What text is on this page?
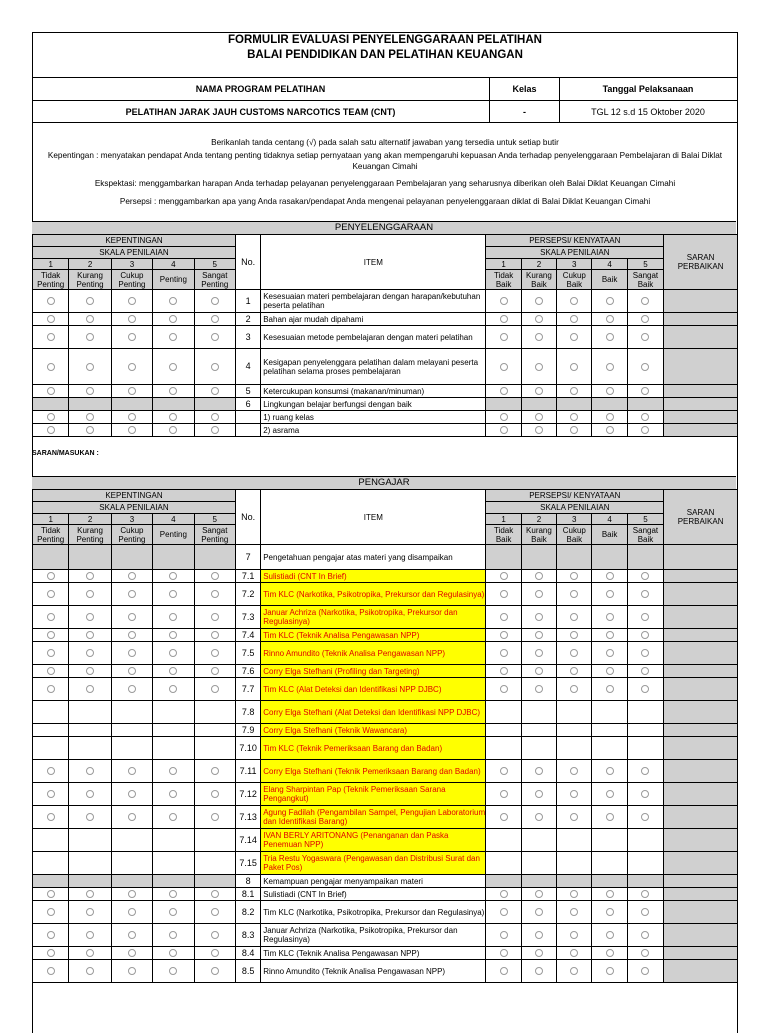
FORMULIR EVALUASI PENYELENGGARAAN PELATIHAN
BALAI PENDIDIKAN DAN PELATIHAN KEUANGAN
NAMA PROGRAM PELATIHAN	Kelas	Tanggal Pelaksanaan
PELATIHAN JARAK JAUH CUSTOMS NARCOTICS TEAM (CNT)	-	TGL 12 s.d 15 Oktober 2020
Berikanlah tanda centang (√) pada salah satu alternatif jawaban yang tersedia untuk setiap butir
Kepentingan : menyatakan pendapat Anda tentang penting tidaknya setiap pernyataan yang akan mempengaruhi kepuasan Anda terhadap penyelenggaraan Pembelajaran di Balai Diklat Keuangan Cimahi
Ekspektasi: menggambarkan harapan Anda terhadap pelayanan penyelenggaraan Pembelajaran yang seharusnya diberikan oleh Balai Diklat Keuangan Cimahi
Persepsi : menggambarkan apa yang Anda rasakan/pendapat Anda mengenai pelayanan penyelenggaraan diklat di Balai Diklat Keuangan Cimahi
PENYELENGGARAAN
KEPENTINGAN					No.	ITEM	PERSEPSI/ KENYATAAN					SARAN PERBAIKAN
SKALA PENILAIAN							SKALA PENILAIAN					
1	2	3	4	5			1	2	3	4	5	
Tidak Penting	Kurang Penting	Cukup Penting	Penting	Sangat Penting			Tidak Baik	Kurang Baik	Cukup Baik	Baik	Sangat Baik	
					1	Kesesuaian materi pembelajaran dengan harapan/kebutuhan peserta pelatihan						
					2	Bahan ajar mudah dipahami						
					3	Kesesuaian metode pembelajaran dengan materi pelatihan						
					4	Kesigapan penyelenggara pelatihan dalam melayani peserta pelatihan selama proses pembelajaran						
					5	Ketercukupan konsumsi (makanan/minuman)						
					6	Lingkungan belajar berfungsi dengan baik						
						1) ruang kelas						
						2) asrama						
SARAN/MASUKAN :
PENGAJAR
KEPENTINGAN					No.	ITEM	PERSEPSI/ KENYATAAN					SARAN PERBAIKAN
SKALA PENILAIAN							SKALA PENILAIAN					
1	2	3	4	5			1	2	3	4	5	
Tidak Penting	Kurang Penting	Cukup Penting	Penting	Sangat Penting			Tidak Baik	Kurang Baik	Cukup Baik	Baik	Sangat Baik	
					7	Pengetahuan pengajar atas materi yang disampaikan						
					7.1	Sulistiadi (CNT In Brief)						
					7.2	Tim KLC (Narkotika, Psikotropika, Prekursor dan Regulasinya)						
					7.3	Januar Achriza (Narkotika, Psikotropika, Prekursor dan Regulasinya)						
					7.4	Tim KLC (Teknik Analisa Pengawasan NPP)						
					7.5	Rinno Amundito (Teknik Analisa Pengawasan NPP)						
					7.6	Corry Elga Stefhani (Profiling dan Targeting)						
					7.7	Tim KLC (Alat Deteksi dan Identifikasi NPP DJBC)						
					7.8	Corry Elga Stefhani (Alat Deteksi dan Identifikasi NPP DJBC)						
					7.9	Corry Elga Stefhani (Teknik Wawancara)						
					7.10	Tim KLC (Teknik Pemeriksaan Barang dan Badan)						
					7.11	Corry Elga Stefhani (Teknik Pemeriksaan Barang dan Badan)						
					7.12	Elang Sharpintan Pap (Teknik Pemeriksaan Sarana Pengangkut)						
					7.13	Agung Fadilah (Pengambilan Sampel, Pengujian Laboratorium dan Identifikasi Barang)						
					7.14	IVAN BERLY ARITONANG (Penanganan dan Paska Penemuan NPP)						
					7.15	Tria Restu Yogaswara (Pengawasan dan Distribusi Surat dan Paket Pos)						
					8	Kemampuan pengajar menyampaikan materi						
					8.1	Sulistiadi (CNT In Brief)						
					8.2	Tim KLC (Narkotika, Psikotropika, Prekursor dan Regulasinya)						
					8.3	Januar Achriza (Narkotika, Psikotropika, Prekursor dan Regulasinya)						
					8.4	Tim KLC (Teknik Analisa Pengawasan NPP)						
					8.5	Rinno Amundito (Teknik Analisa Pengawasan NPP)						
